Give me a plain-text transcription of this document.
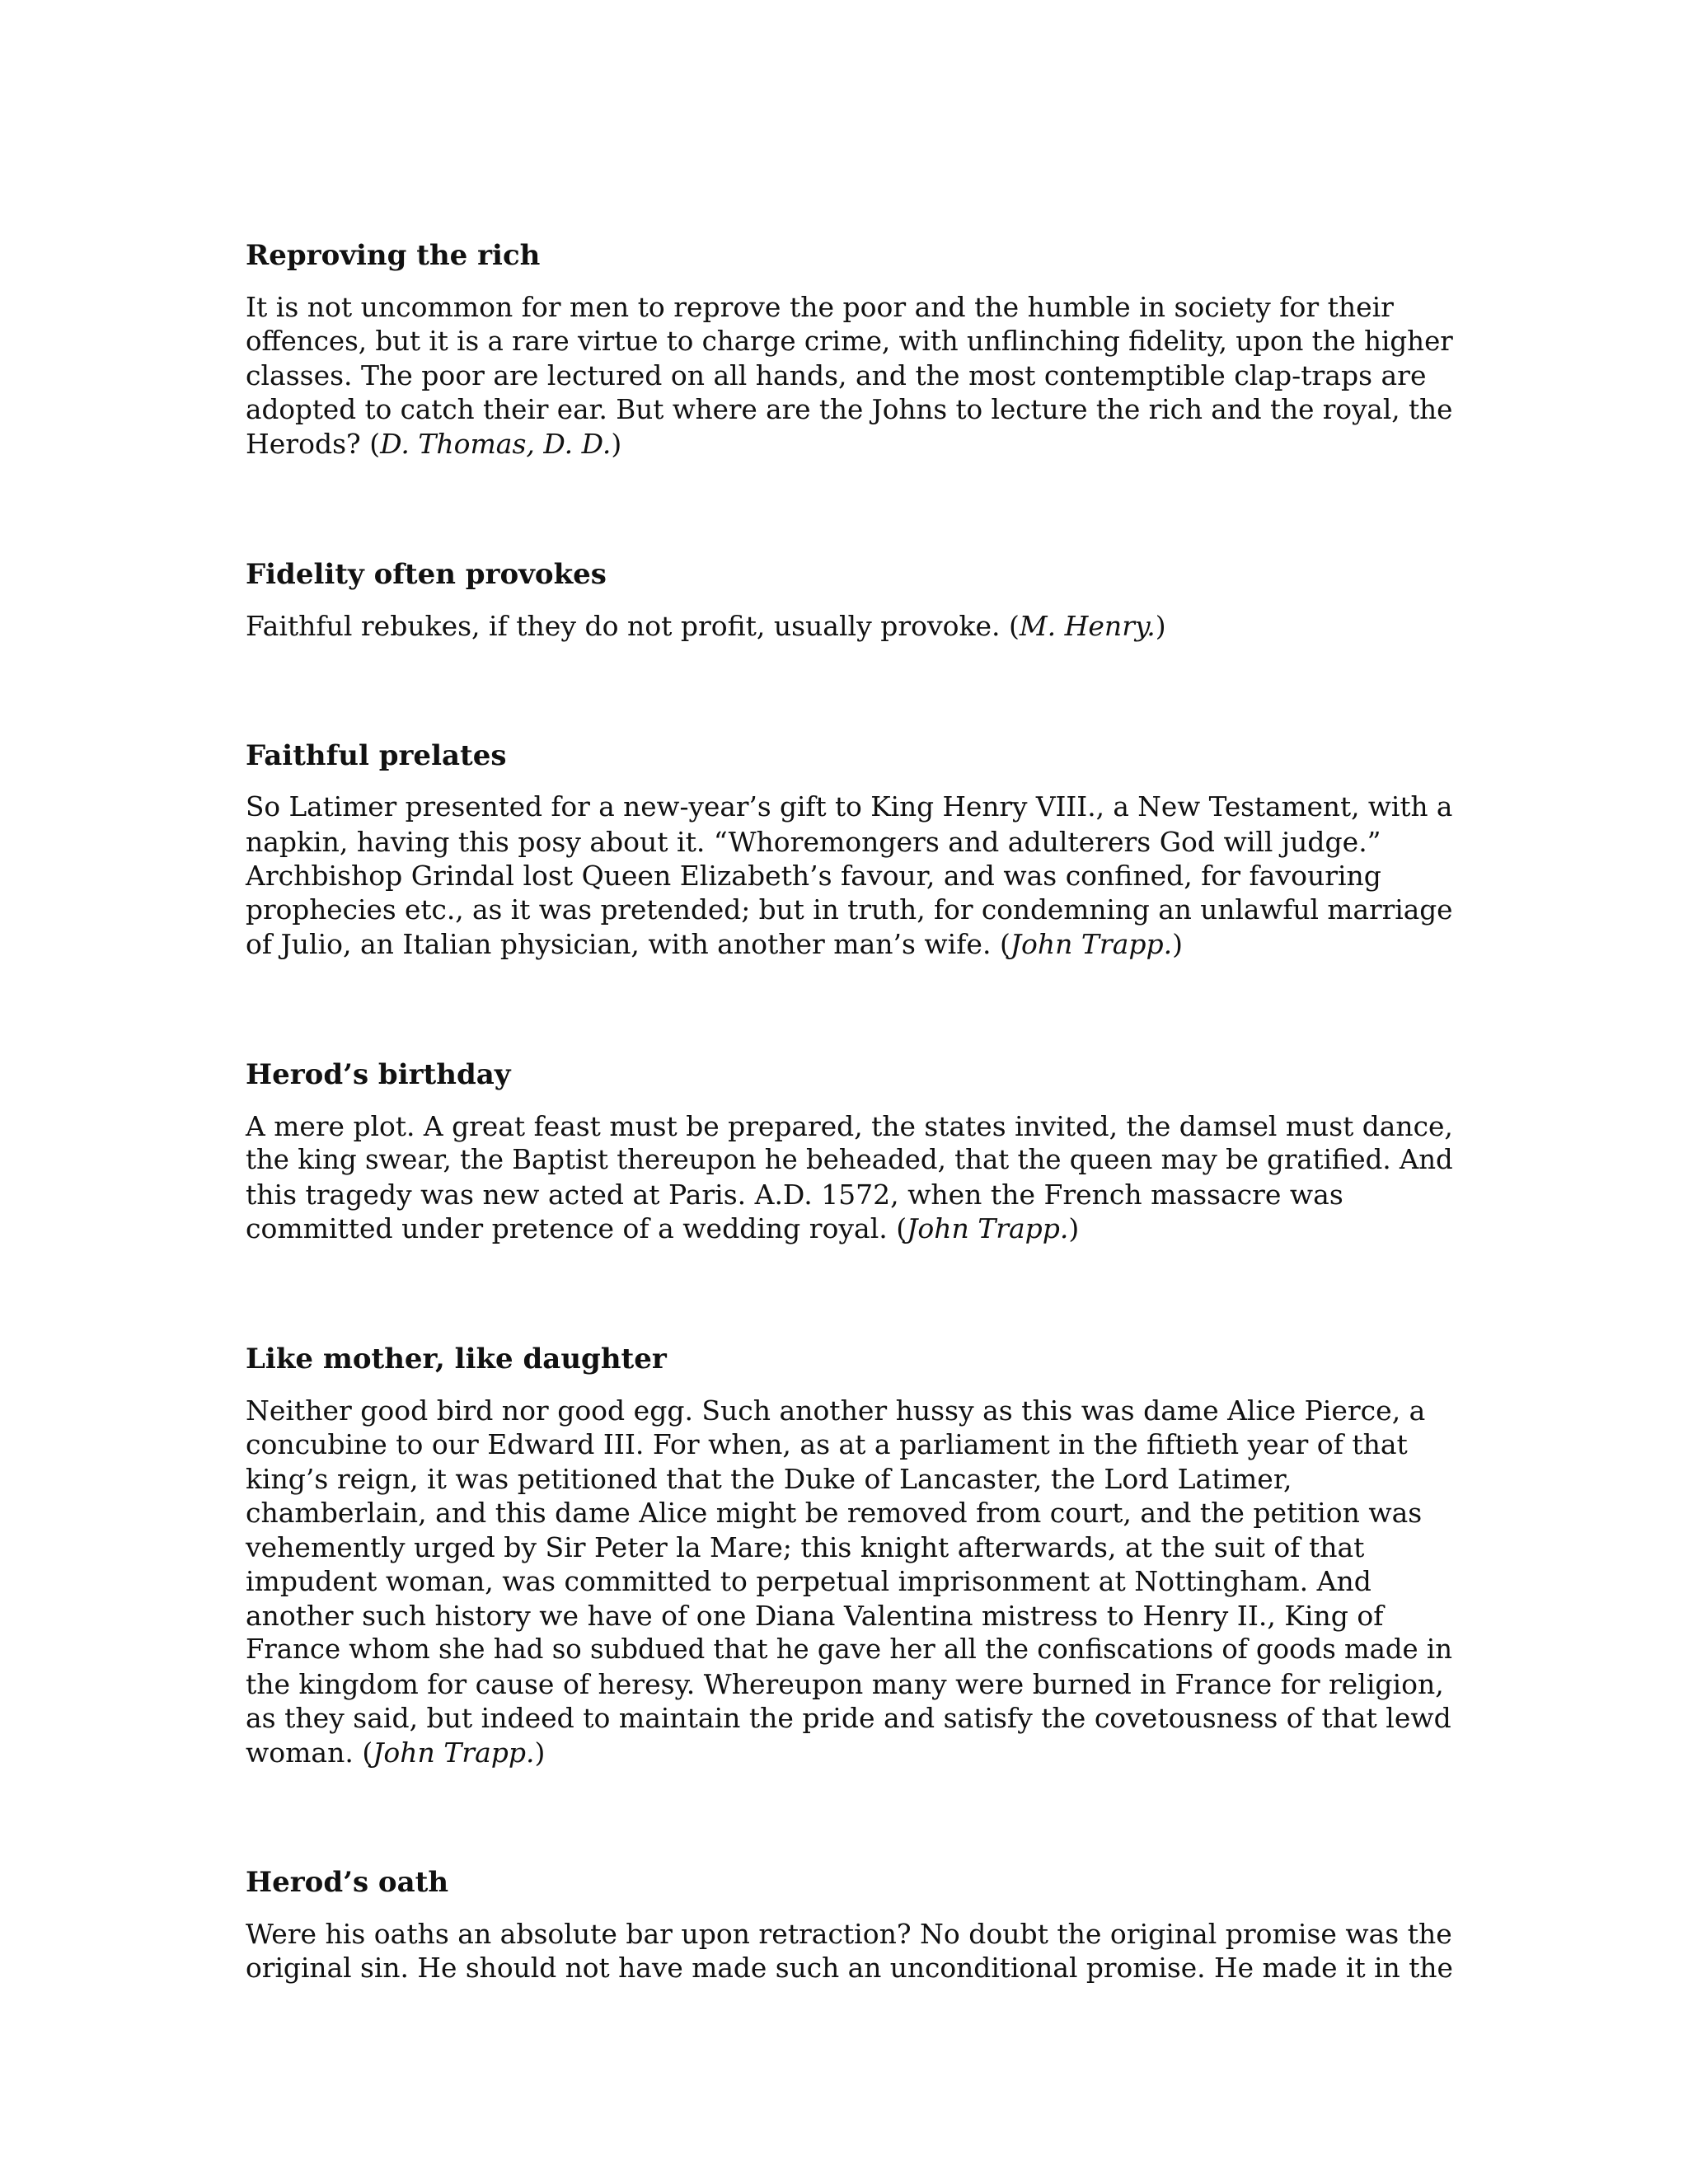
Reproving the rich

It is not uncommon for men to reprove the poor and the humble in society for their
offences, but it is a rare virtue to charge crime, with unflinching fidelity, upon the higher
classes. The poor are lectured on all hands, and the most contemptible clap-traps are
adopted to catch their ear. But where are the Johns to lecture the rich and the royal, the
Herods? (D. Thomas, D. D.)

Fidelity often provokes

Faithful rebukes, if they do not profit, usually provoke. (M. Henry.)

Faithful prelates

So Latimer presented for a new-year’s gift to King Henry VIII., a New Testament, with a
napkin, having this posy about it. “Whoremongers and adulterers God will judge.”
Archbishop Grindal lost Queen Elizabeth’s favour, and was confined, for favouring
prophecies etc., as it was pretended; but in truth, for condemning an unlawful marriage
of Julio, an Italian physician, with another man’s wife. (John Trapp.)

Herod’s birthday

A mere plot. A great feast must be prepared, the states invited, the damsel must dance,
the king swear, the Baptist thereupon he beheaded, that the queen may be gratified. And
this tragedy was new acted at Paris. A.D. 1572, when the French massacre was
committed under pretence of a wedding royal. (John Trapp.)

Like mother, like daughter

Neither good bird nor good egg. Such another hussy as this was dame Alice Pierce, a
concubine to our Edward III. For when, as at a parliament in the fiftieth year of that
king’s reign, it was petitioned that the Duke of Lancaster, the Lord Latimer,
chamberlain, and this dame Alice might be removed from court, and the petition was
vehemently urged by Sir Peter la Mare; this knight afterwards, at the suit of that
impudent woman, was committed to perpetual imprisonment at Nottingham. And
another such history we have of one Diana Valentina mistress to Henry II., King of
France whom she had so subdued that he gave her all the confiscations of goods made in
the kingdom for cause of heresy. Whereupon many were burned in France for religion,
as they said, but indeed to maintain the pride and satisfy the covetousness of that lewd
woman. (John Trapp.)

Herod’s oath

Were his oaths an absolute bar upon retraction? No doubt the original promise was the
original sin. He should not have made such an unconditional promise. He made it in the
